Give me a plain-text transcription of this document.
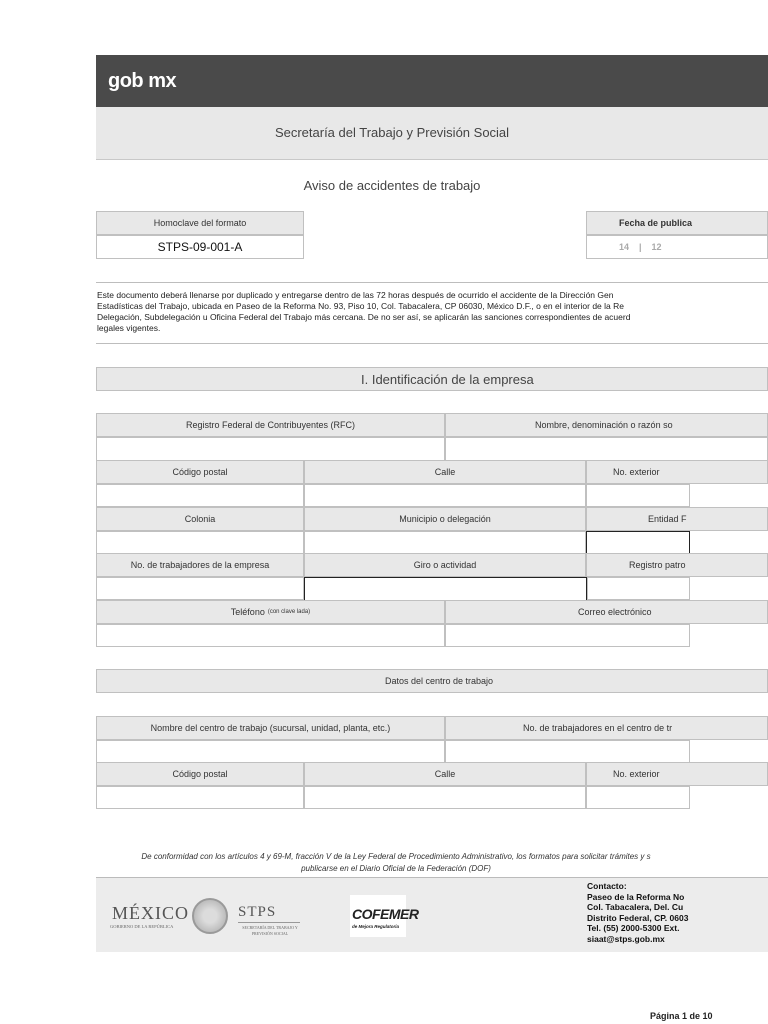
gob mx
Secretaría del Trabajo y Previsión Social
Aviso de accidentes de trabajo
Homoclave del formato
STPS-09-001-A
Fecha de publica
14    |    12
Este documento deberá llenarse por duplicado y entregarse dentro de las 72 horas después de ocurrido el accidente de la Dirección Gen
Estadísticas del Trabajo, ubicada en Paseo de la Reforma No. 93, Piso 10, Col. Tabacalera, CP 06030, México D.F., o en el interior de la Re
Delegación, Subdelegación u Oficina Federal del Trabajo más cercana. De no ser así, se aplicarán las sanciones correspondientes de acuerd
legales vigentes.
I. Identificación de la empresa
Registro Federal de Contribuyentes (RFC)	Nombre, denominación o razón so
Código postal	Calle	No. exterior
Colonia	Municipio o delegación	Entidad F
No. de trabajadores de la empresa	Giro o actividad	Registro patro
Teléfono (con clave lada)	Correo electrónico
Datos del centro de trabajo
Nombre del centro de trabajo (sucursal, unidad, planta, etc.)	No. de trabajadores en el centro de tr
Código postal	Calle	No. exterior
De conformidad con los artículos 4 y 69-M, fracción V de la Ley Federal de Procedimiento Administrativo, los formatos para solicitar trámites y s
publicarse en el Diario Oficial de la Federación (DOF)
MÉXICO
GOBIERNO DE LA REPÚBLICA
STPS
SECRETARÍA DEL TRABAJO Y PREVISIÓN SOCIAL
COFEMER
de Mejora Regulatoria
Contacto:
Paseo de la Reforma No
Col. Tabacalera, Del. Cu
Distrito Federal, CP. 0603
Tel. (55) 2000-5300 Ext.
siaat@stps.gob.mx
Página 1 de 10
